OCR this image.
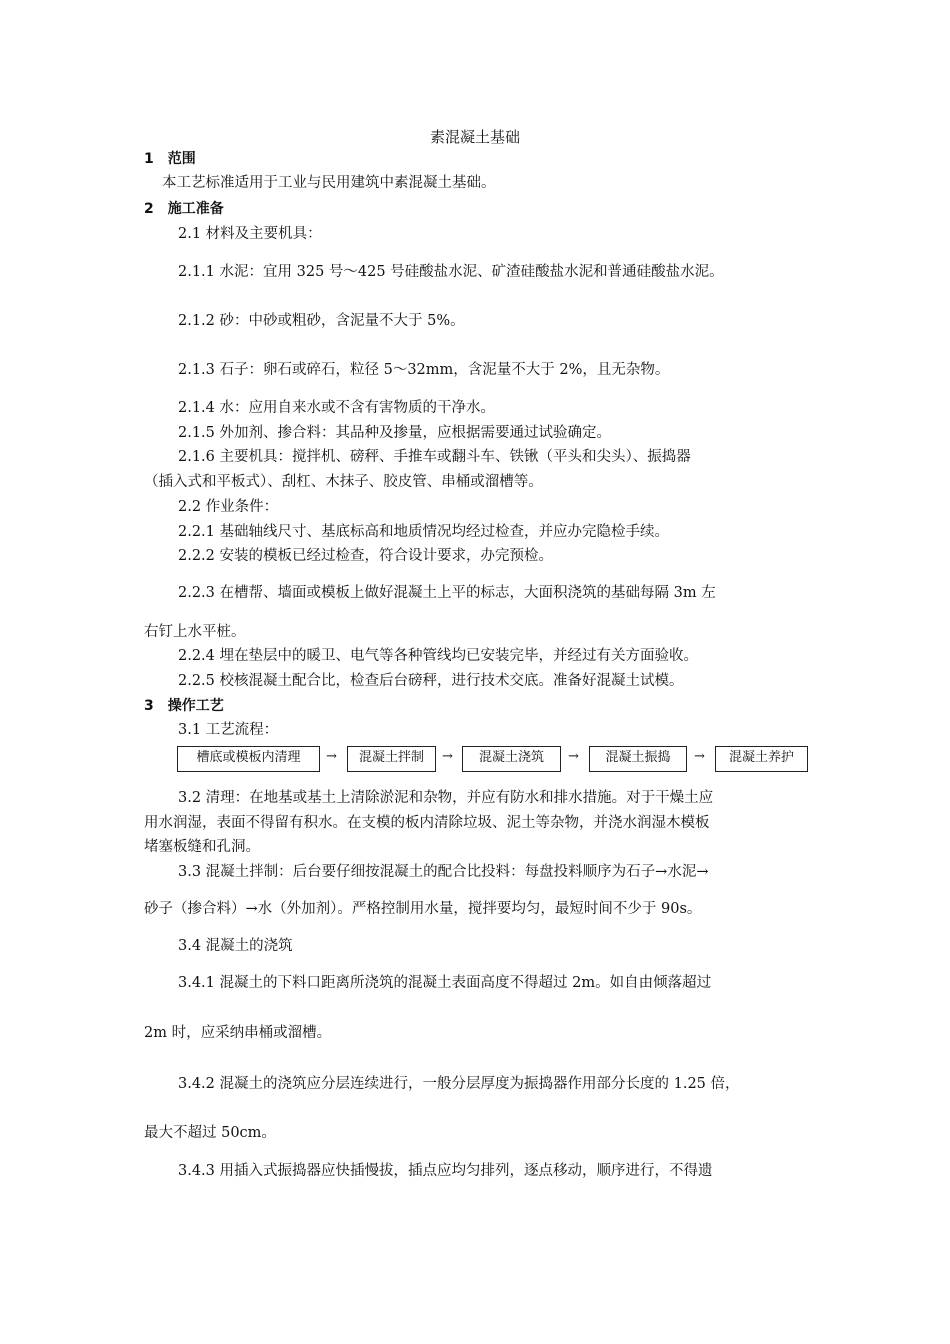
素混凝土基础
1　范围
本工艺标准适用于工业与民用建筑中素混凝土基础。
2　施工准备
2.1 材料及主要机具：
2.1.1 水泥：宜用 325 号～425 号硅酸盐水泥、矿渣硅酸盐水泥和普通硅酸盐水泥。
2.1.2 砂：中砂或粗砂，含泥量不大于 5%。
2.1.3 石子：卵石或碎石，粒径 5～32mm，含泥量不大于 2%，且无杂物。
2.1.4 水：应用自来水或不含有害物质的干净水。
2.1.5 外加剂、掺合料：其品种及掺量，应根据需要通过试验确定。
2.1.6 主要机具：搅拌机、磅秤、手推车或翻斗车、铁锹（平头和尖头）、振捣器
（插入式和平板式）、刮杠、木抹子、胶皮管、串桶或溜槽等。
2.2 作业条件：
2.2.1 基础轴线尺寸、基底标高和地质情况均经过检查，并应办完隐检手续。
2.2.2 安装的模板已经过检查，符合设计要求，办完预检。
2.2.3 在槽帮、墙面或模板上做好混凝土上平的标志，大面积浇筑的基础每隔 3m 左
右钉上水平桩。
2.2.4 埋在垫层中的暖卫、电气等各种管线均已安装完毕，并经过有关方面验收。
2.2.5 校核混凝土配合比，检查后台磅秤，进行技术交底。准备好混凝土试模。
3　操作工艺
3.1 工艺流程：
槽底或模板内清理	→	混凝土拌制	→	混凝土浇筑	→	混凝土振捣	→	混凝土养护
3.2 清理：在地基或基土上清除淤泥和杂物，并应有防水和排水措施。对于干燥土应
用水润湿，表面不得留有积水。在支模的板内清除垃圾、泥土等杂物，并浇水润湿木模板
堵塞板缝和孔洞。
3.3 混凝土拌制：后台要仔细按混凝土的配合比投料：每盘投料顺序为石子→水泥→
砂子（掺合料）→水（外加剂）。严格控制用水量，搅拌要均匀，最短时间不少于 90s。
3.4 混凝土的浇筑
3.4.1 混凝土的下料口距离所浇筑的混凝土表面高度不得超过 2m。如自由倾落超过
2m 时，应采纳串桶或溜槽。
3.4.2 混凝土的浇筑应分层连续进行，一般分层厚度为振捣器作用部分长度的 1.25 倍，
最大不超过 50cm。
3.4.3 用插入式振捣器应快插慢拔，插点应均匀排列，逐点移动，顺序进行，不得遗
